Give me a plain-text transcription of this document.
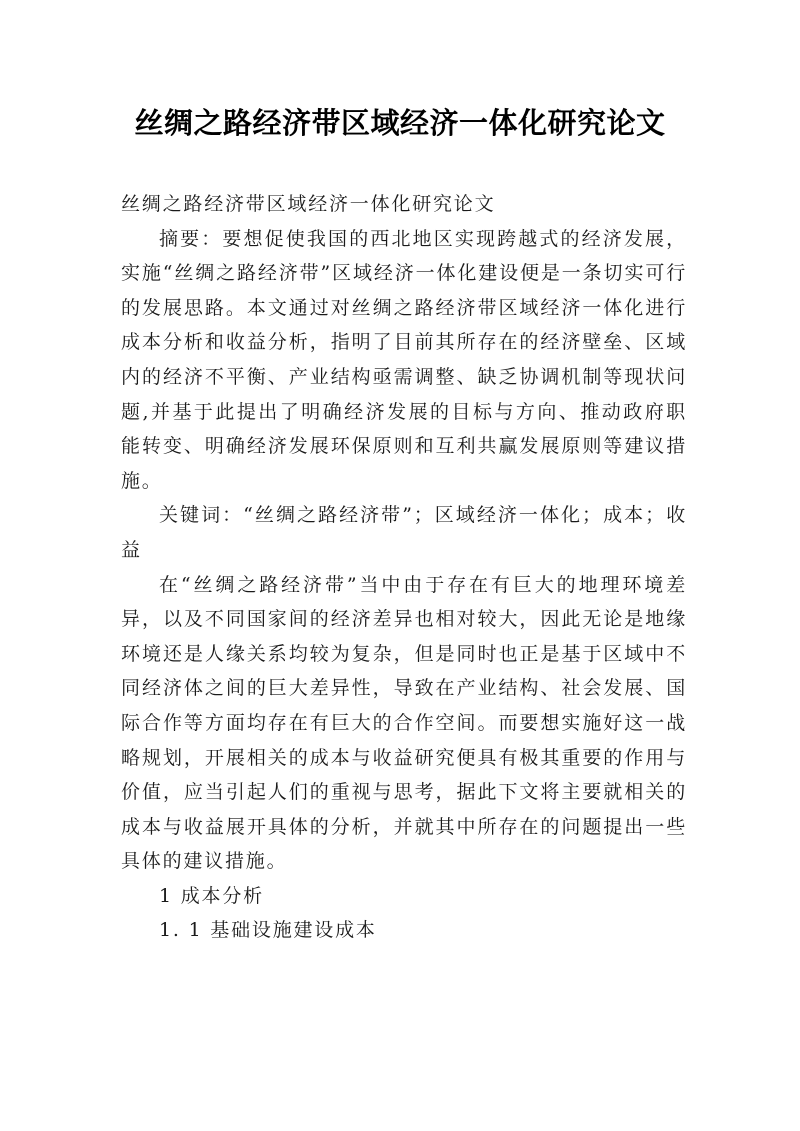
丝绸之路经济带区域经济一体化研究论文

丝绸之路经济带区域经济一体化研究论文

摘要：要想促使我国的西北地区实现跨越式的经济发展，实施“丝绸之路经济带”区域经济一体化建设便是一条切实可行的发展思路。本文通过对丝绸之路经济带区域经济一体化进行成本分析和收益分析，指明了目前其所存在的经济壁垒、区域内的经济不平衡、产业结构亟需调整、缺乏协调机制等现状问题,并基于此提出了明确经济发展的目标与方向、推动政府职能转变、明确经济发展环保原则和互利共赢发展原则等建议措施。

关键词：“丝绸之路经济带”；区域经济一体化；成本；收益

在“丝绸之路经济带”当中由于存在有巨大的地理环境差异，以及不同国家间的经济差异也相对较大，因此无论是地缘环境还是人缘关系均较为复杂，但是同时也正是基于区域中不同经济体之间的巨大差异性，导致在产业结构、社会发展、国际合作等方面均存在有巨大的合作空间。而要想实施好这一战略规划，开展相关的成本与收益研究便具有极其重要的作用与价值，应当引起人们的重视与思考，据此下文将主要就相关的成本与收益展开具体的分析，并就其中所存在的问题提出一些具体的建议措施。

1 成本分析

1. 1 基础设施建设成本
